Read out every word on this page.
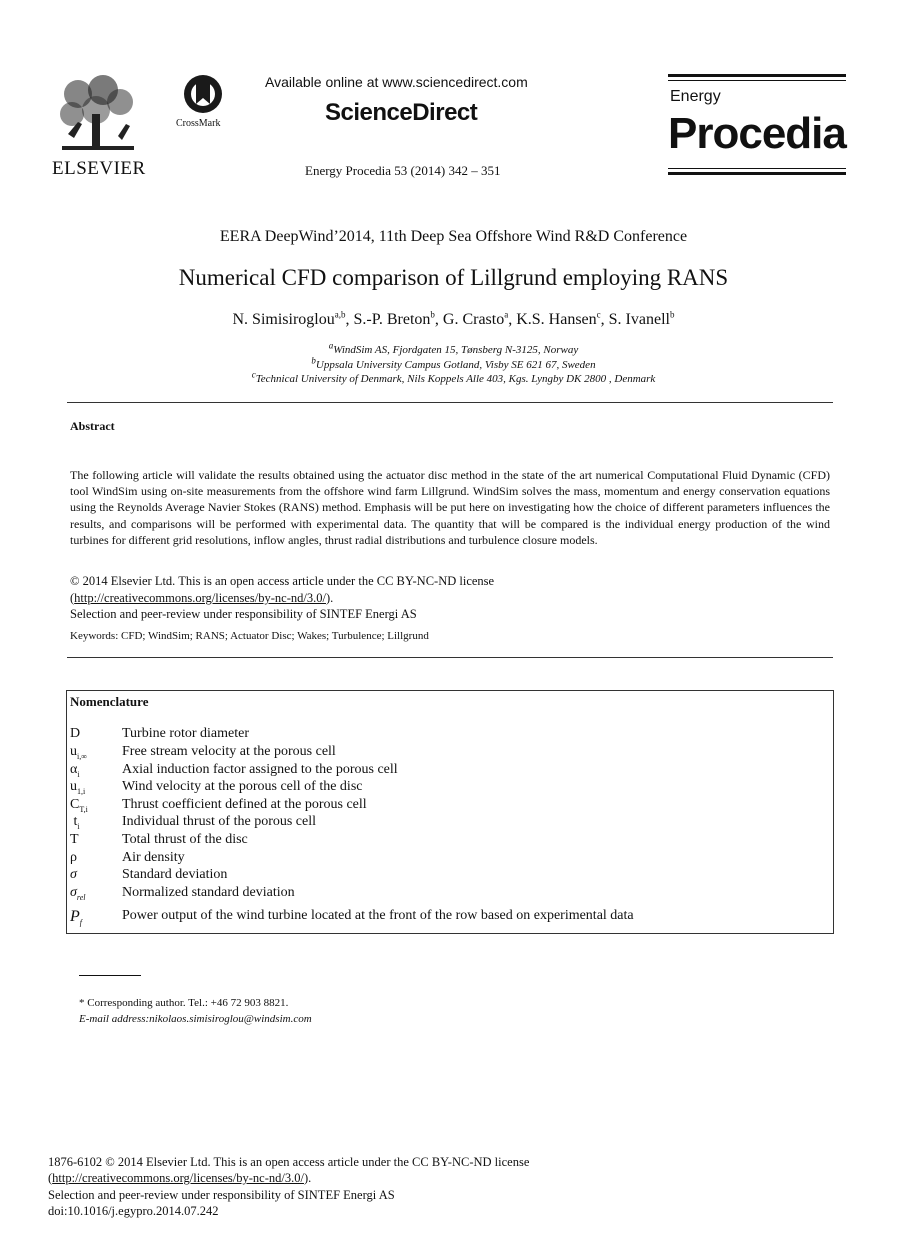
ELSEVIER
CrossMark
Available online at www.sciencedirect.com
ScienceDirect
Energy Procedia 53 (2014) 342 – 351
Energy
Procedia
EERA DeepWind’2014, 11th Deep Sea Offshore Wind R&D Conference
Numerical CFD comparison of Lillgrund employing RANS
N. Simisiroglou$^{a,b}$, S.-P. Breton$^b$, G. Crasto$^a$, K.S. Hansen$^c$, S. Ivanell$^b$
$^a$WindSim AS, Fjordgaten 15, Tønsberg N-3125, Norway
$^b$Uppsala University Campus Gotland, Visby SE 621 67, Sweden
$^c$Technical University of Denmark, Nils Koppels Alle 403, Kgs. Lyngby DK 2800 , Denmark
Abstract
The following article will validate the results obtained using the actuator disc method in the state of the art numerical Computational Fluid Dynamic (CFD) tool WindSim using on-site measurements from the offshore wind farm Lillgrund. WindSim solves the mass, momentum and energy conservation equations using the Reynolds Average Navier Stokes (RANS) method. Emphasis will be put here on investigating how the choice of different parameters influences the results, and comparisons will be performed with experimental data. The quantity that will be compared is the individual energy production of the wind turbines for different grid resolutions, inflow angles, thrust radial distributions and turbulence closure models.
© 2014 Elsevier Ltd. This is an open access article under the CC BY-NC-ND license
(http://creativecommons.org/licenses/by-nc-nd/3.0/).
Selection and peer-review under responsibility of SINTEF Energi AS
Keywords: CFD; WindSim; RANS; Actuator Disc; Wakes; Turbulence; Lillgrund
Nomenclature
D	Turbine rotor diameter
$u_{i,\infty}$	Free stream velocity at the porous cell
$\alpha_i$	Axial induction factor assigned to the porous cell
$u_{1,i}$	Wind velocity at the porous cell of the disc
$C_{T,i}$	Thrust coefficient defined at the porous cell
$t_i$	Individual thrust of the porous cell
T	Total thrust of the disc
ρ	Air density
σ	Standard deviation
$\sigma_{rel}$	Normalized standard deviation
$P_f$	Power output of the wind turbine located at the front of the row based on experimental data
* Corresponding author. Tel.: +46 72 903 8821.
E-mail address:nikolaos.simisiroglou@windsim.com
1876-6102 © 2014 Elsevier Ltd. This is an open access article under the CC BY-NC-ND license
(http://creativecommons.org/licenses/by-nc-nd/3.0/).
Selection and peer-review under responsibility of SINTEF Energi AS
doi:10.1016/j.egypro.2014.07.242
